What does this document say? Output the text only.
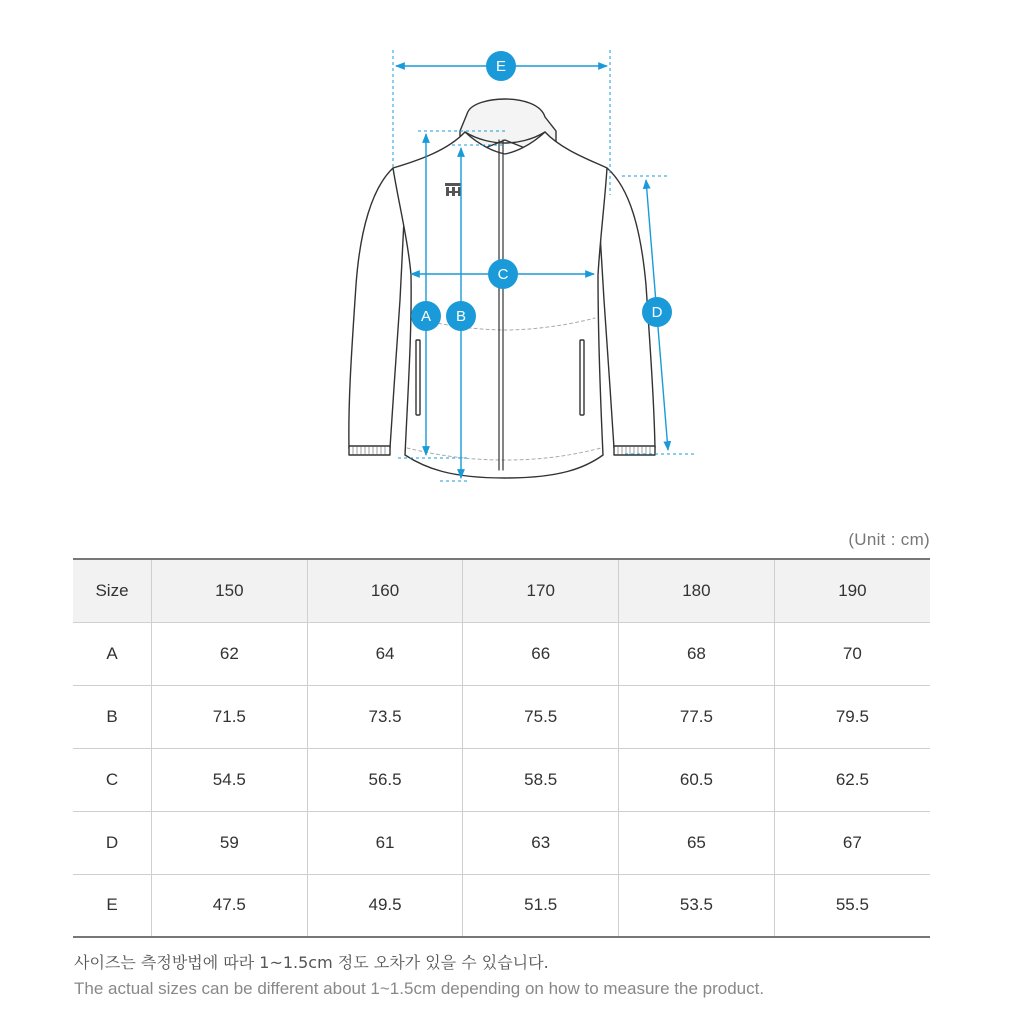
E
C
A B	D
(Unit : cm)
Size	150	160	170	180	190
A	62	64	66	68	70
B	71.5	73.5	75.5	77.5	79.5
C	54.5	56.5	58.5	60.5	62.5
D	59	61	63	65	67
E	47.5	49.5	51.5	53.5	55.5
사이즈는 측정방법에 따라 1~1.5cm 정도 오차가 있을 수 있습니다.
The actual sizes can be different about 1~1.5cm depending on how to measure the product.
